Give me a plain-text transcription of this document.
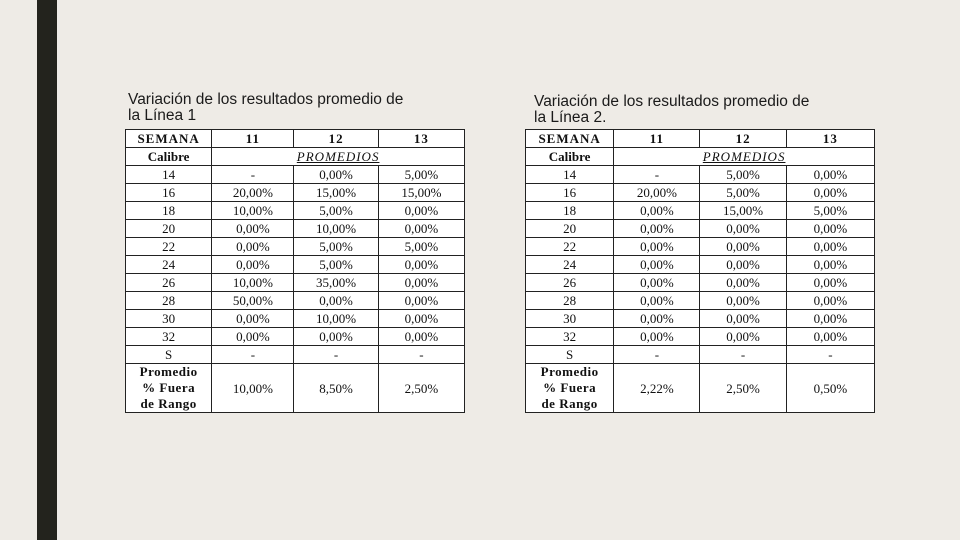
Variación de los resultados promedio de
la Línea 1
Variación de los resultados promedio de
la Línea 2.
SEMANA	11	12	13
Calibre	PROMEDIOS		
14	-	0,00%	5,00%
16	20,00%	15,00%	15,00%
18	10,00%	5,00%	0,00%
20	0,00%	10,00%	0,00%
22	0,00%	5,00%	5,00%
24	0,00%	5,00%	0,00%
26	10,00%	35,00%	0,00%
28	50,00%	0,00%	0,00%
30	0,00%	10,00%	0,00%
32	0,00%	0,00%	0,00%
S	-	-	-

Promedio
% Fuera
de Rango	10,00%	8,50%	2,50%
SEMANA	11	12	13
Calibre	PROMEDIOS		
14	-	5,00%	0,00%
16	20,00%	5,00%	0,00%
18	0,00%	15,00%	5,00%
20	0,00%	0,00%	0,00%
22	0,00%	0,00%	0,00%
24	0,00%	0,00%	0,00%
26	0,00%	0,00%	0,00%
28	0,00%	0,00%	0,00%
30	0,00%	0,00%	0,00%
32	0,00%	0,00%	0,00%
S	-	-	-

Promedio
% Fuera
de Rango	2,22%	2,50%	0,50%
